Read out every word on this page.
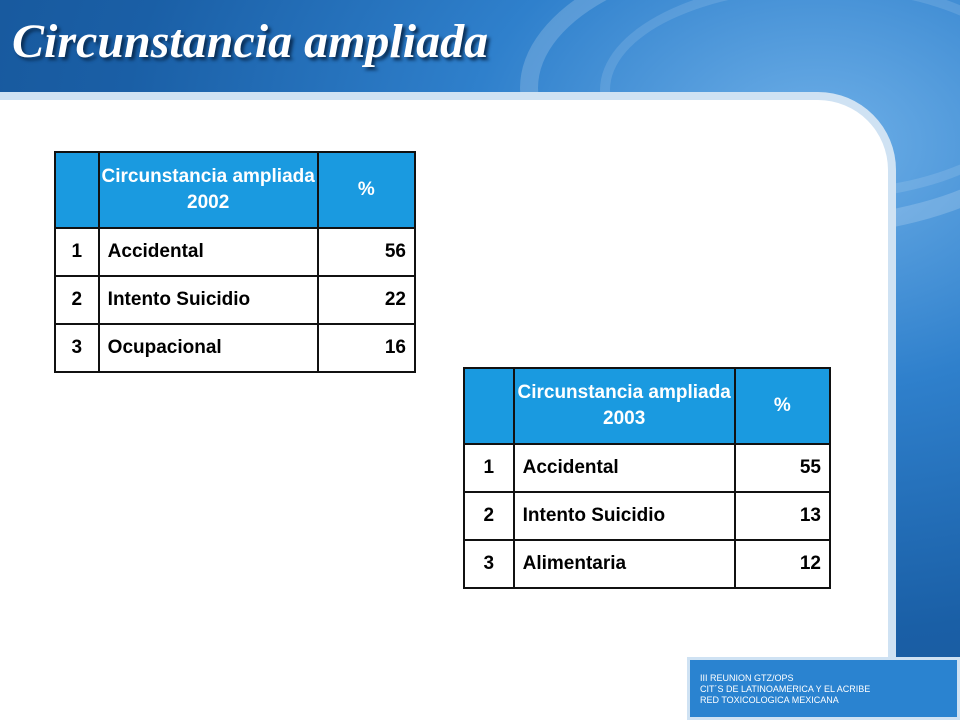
Circunstancia ampliada
	Circunstancia ampliada 2002	%
1	Accidental	56
2	Intento Suicidio	22
3	Ocupacional	16
	Circunstancia ampliada 2003	%
1	Accidental	55
2	Intento Suicidio	13
3	Alimentaria	12
III REUNION GTZ/OPS
CIT´S DE LATINOAMERICA Y EL ACRIBE
RED TOXICOLOGICA MEXICANA
